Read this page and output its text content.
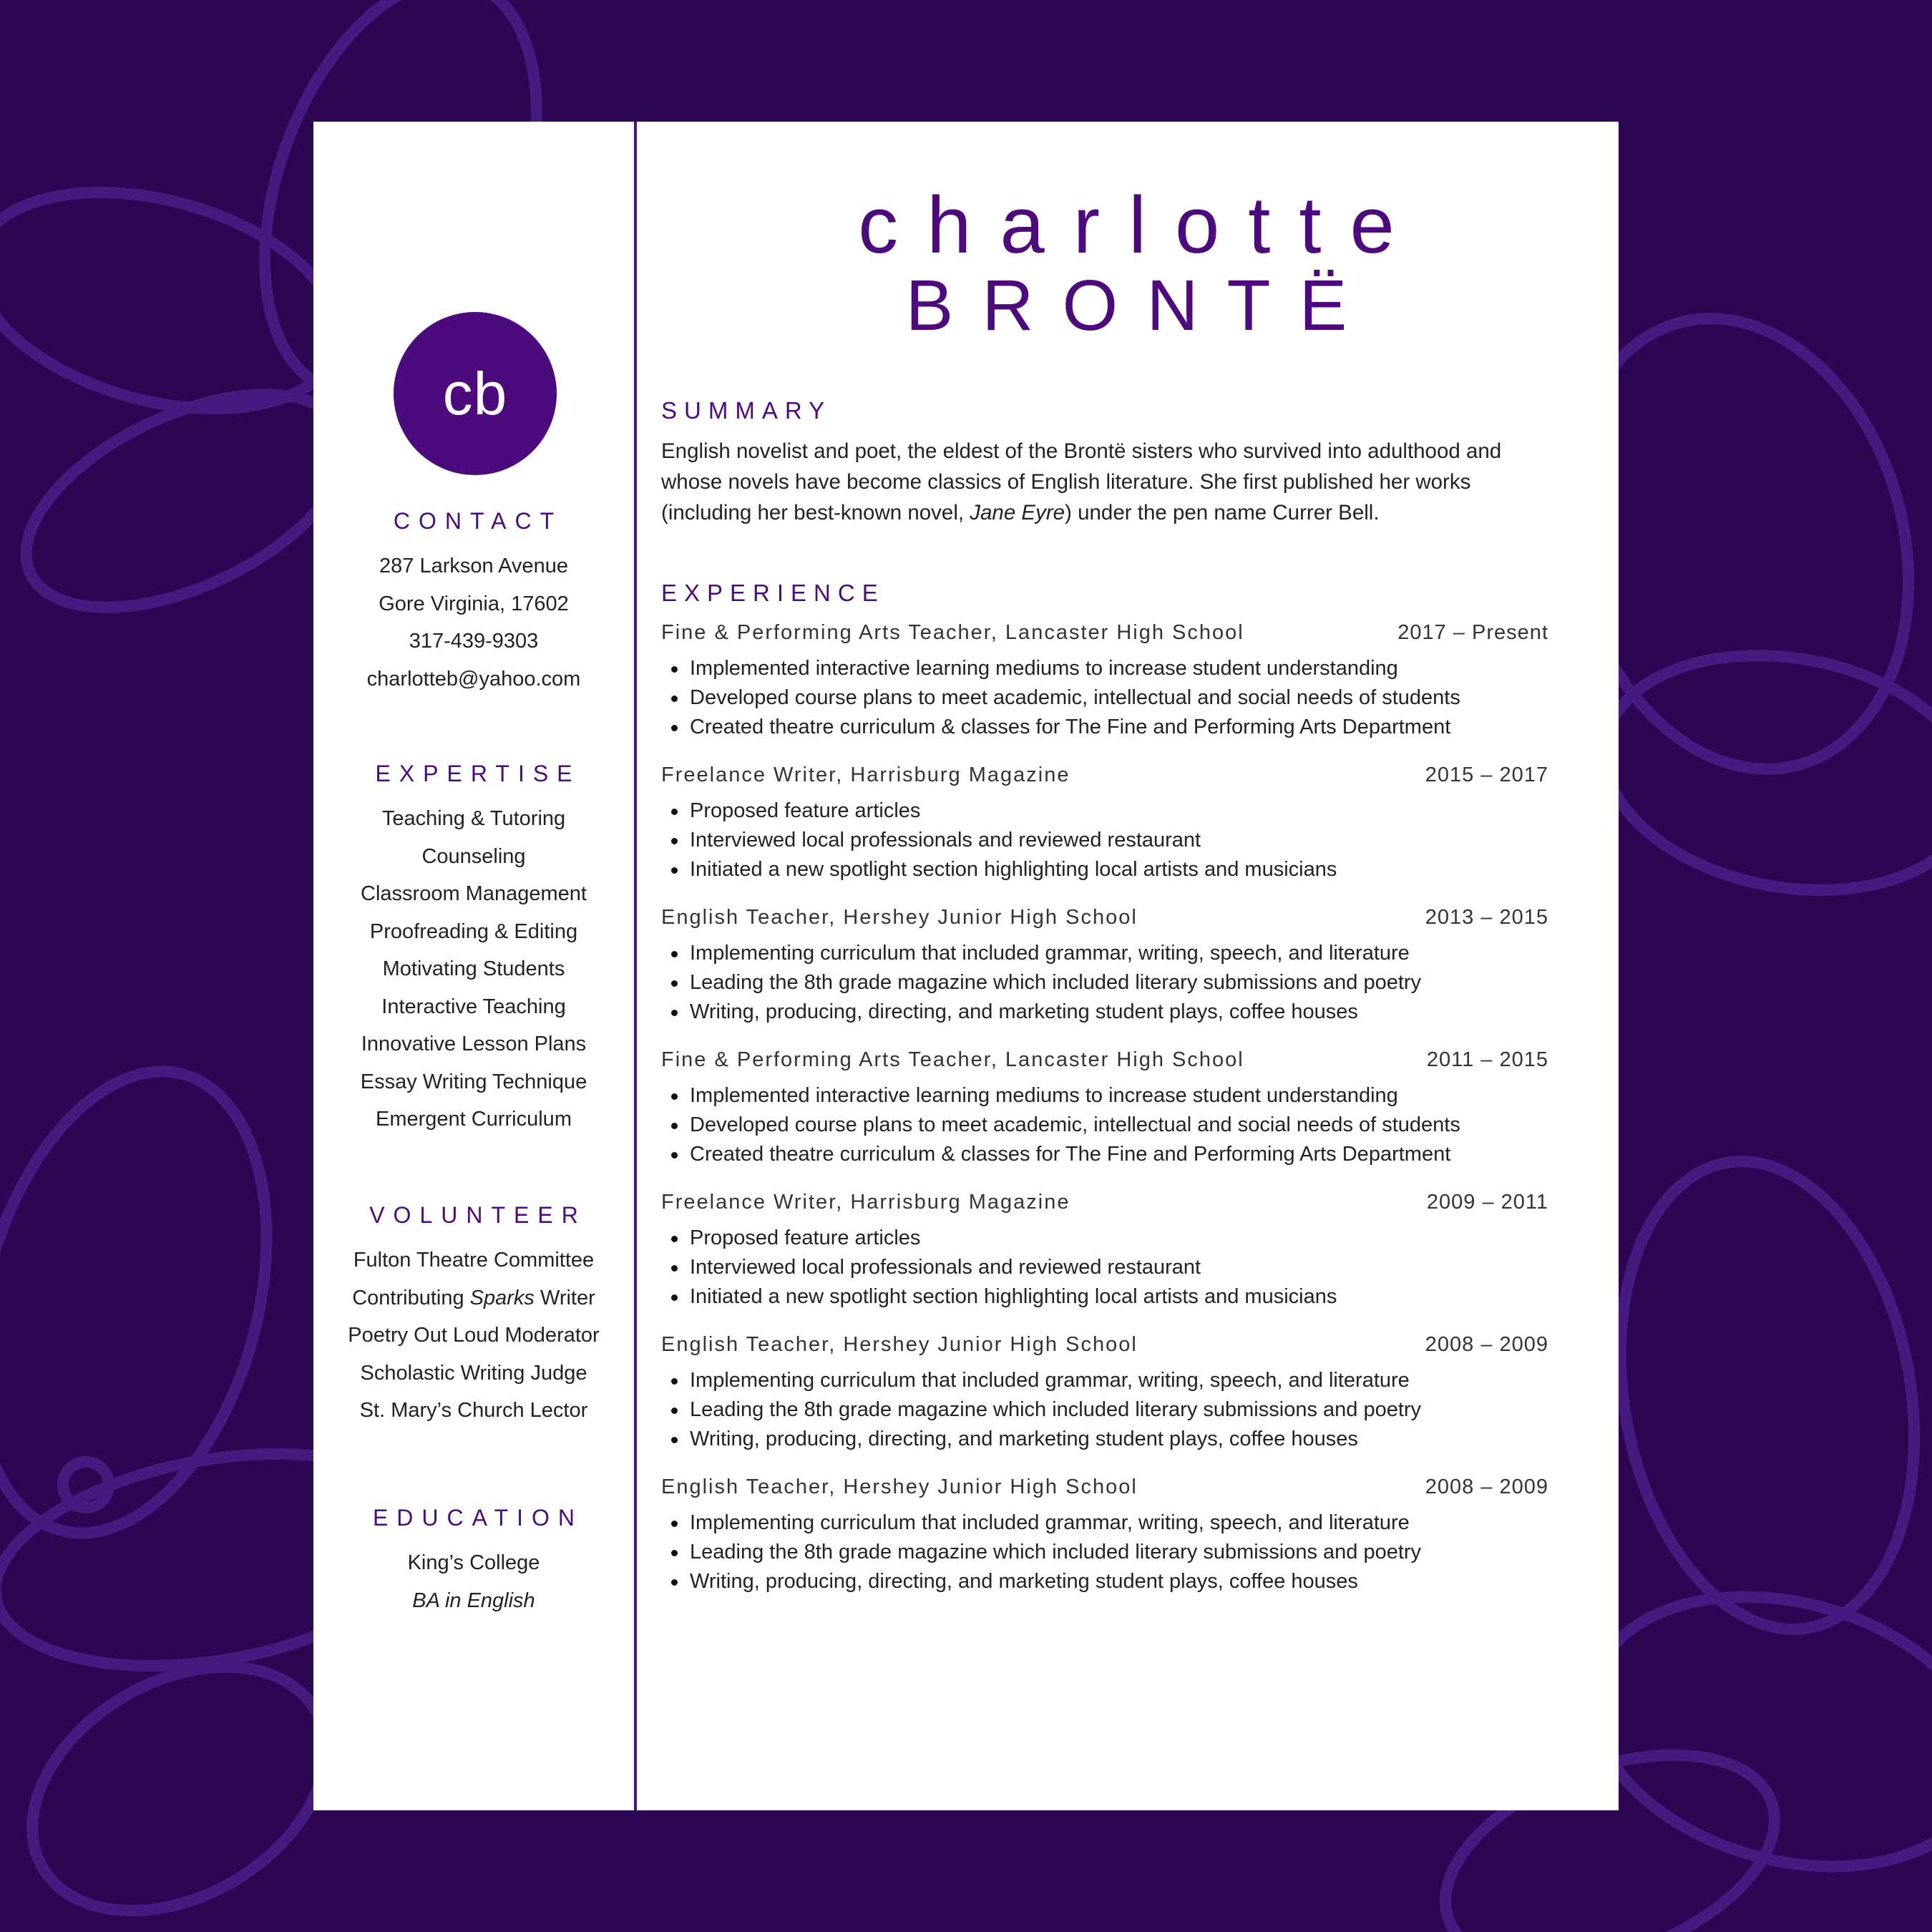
cb
CONTACT
287 Larkson Avenue
Gore Virginia, 17602
317-439-9303
charlotteb@yahoo.com
EXPERTISE
Teaching & Tutoring
Counseling
Classroom Management
Proofreading & Editing
Motivating Students
Interactive Teaching
Innovative Lesson Plans
Essay Writing Technique
Emergent Curriculum
VOLUNTEER
Fulton Theatre Committee
Contributing Sparks Writer
Poetry Out Loud Moderator
Scholastic Writing Judge
St. Mary’s Church Lector
EDUCATION
King’s College
BA in English
charlotte
BRONTË
SUMMARY
English novelist and poet, the eldest of the Brontë sisters who survived into adulthood and whose novels have become classics of English literature. She first published her works (including her best-known novel, Jane Eyre) under the pen name Currer Bell.
EXPERIENCE
Fine & Performing Arts Teacher, Lancaster High School	2017 – Present
Implemented interactive learning mediums to increase student understanding
Developed course plans to meet academic, intellectual and social needs of students
Created theatre curriculum & classes for The Fine and Performing Arts Department
Freelance Writer, Harrisburg Magazine	2015 – 2017
Proposed feature articles
Interviewed local professionals and reviewed restaurant
Initiated a new spotlight section highlighting local artists and musicians
English Teacher, Hershey Junior High School	2013 – 2015
Implementing curriculum that included grammar, writing, speech, and literature
Leading the 8th grade magazine which included literary submissions and poetry
Writing, producing, directing, and marketing student plays, coffee houses
Fine & Performing Arts Teacher, Lancaster High School	2011 – 2015
Implemented interactive learning mediums to increase student understanding
Developed course plans to meet academic, intellectual and social needs of students
Created theatre curriculum & classes for The Fine and Performing Arts Department
Freelance Writer, Harrisburg Magazine	2009 – 2011
Proposed feature articles
Interviewed local professionals and reviewed restaurant
Initiated a new spotlight section highlighting local artists and musicians
English Teacher, Hershey Junior High School	2008 – 2009
Implementing curriculum that included grammar, writing, speech, and literature
Leading the 8th grade magazine which included literary submissions and poetry
Writing, producing, directing, and marketing student plays, coffee houses
English Teacher, Hershey Junior High School	2008 – 2009
Implementing curriculum that included grammar, writing, speech, and literature
Leading the 8th grade magazine which included literary submissions and poetry
Writing, producing, directing, and marketing student plays, coffee houses
